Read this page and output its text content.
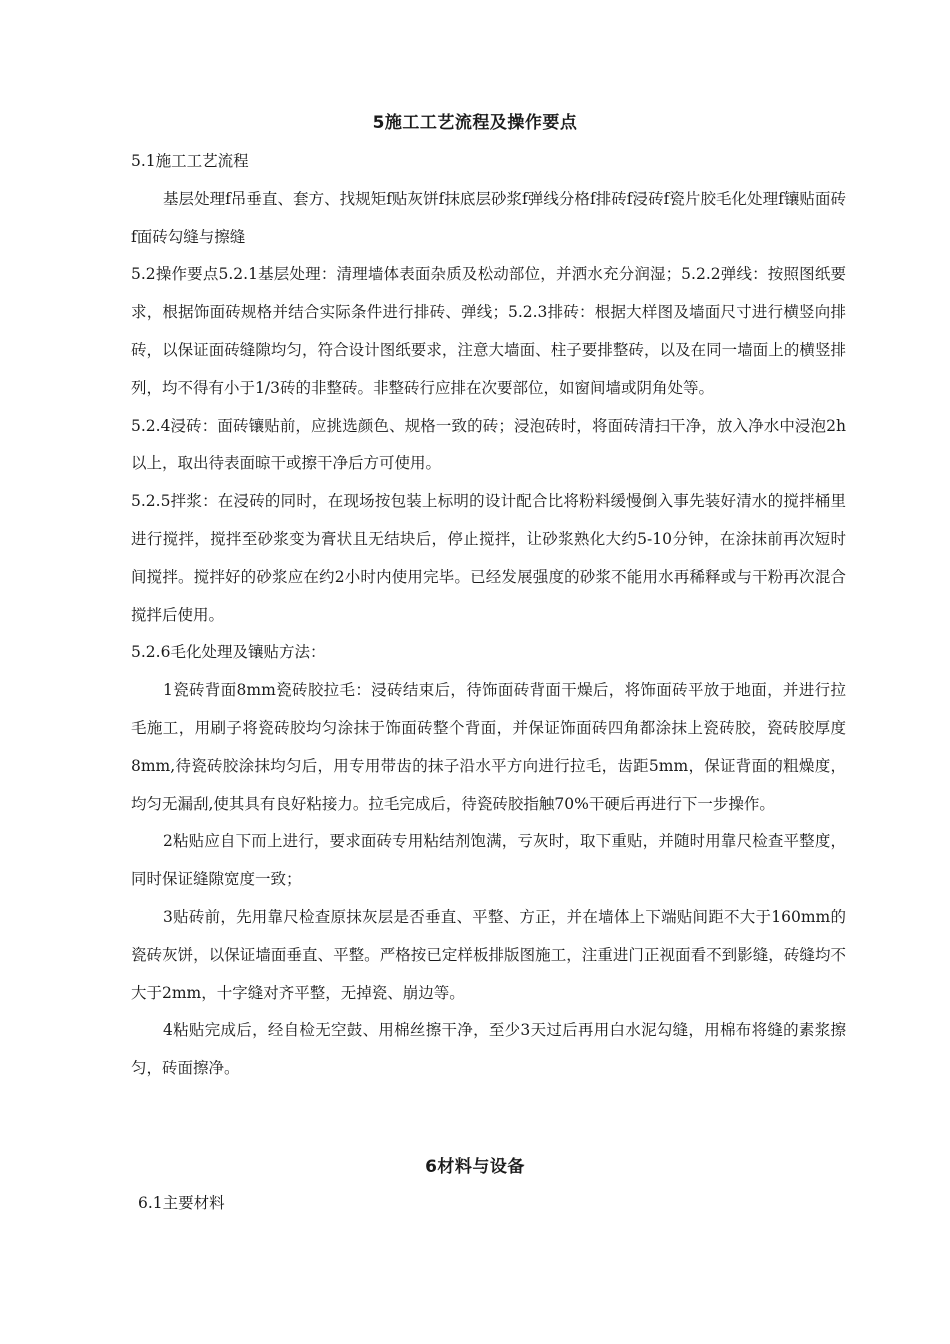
5施工工艺流程及操作要点

5.1施工工艺流程

基层处理f吊垂直、套方、找规矩f贴灰饼f抹底层砂浆f弹线分格f排砖f浸砖f瓷片胶毛化处理f镶贴面砖f面砖勾缝与擦缝

5.2操作要点5.2.1基层处理：清理墙体表面杂质及松动部位，并洒水充分润湿；5.2.2弹线：按照图纸要求，根据饰面砖规格并结合实际条件进行排砖、弹线；5.2.3排砖：根据大样图及墙面尺寸进行横竖向排砖，以保证面砖缝隙均匀，符合设计图纸要求，注意大墙面、柱子要排整砖，以及在同一墙面上的横竖排列，均不得有小于1/3砖的非整砖。非整砖行应排在次要部位，如窗间墙或阴角处等。

5.2.4浸砖：面砖镶贴前，应挑选颜色、规格一致的砖；浸泡砖时，将面砖清扫干净，放入净水中浸泡2h以上，取出待表面晾干或擦干净后方可使用。

5.2.5拌浆：在浸砖的同时，在现场按包装上标明的设计配合比将粉料缓慢倒入事先装好清水的搅拌桶里进行搅拌，搅拌至砂浆变为膏状且无结块后，停止搅拌，让砂浆熟化大约5-10分钟，在涂抹前再次短时间搅拌。搅拌好的砂浆应在约2小时内使用完毕。已经发展强度的砂浆不能用水再稀释或与干粉再次混合搅拌后使用。

5.2.6毛化处理及镶贴方法：

1瓷砖背面8mm瓷砖胶拉毛：浸砖结束后，待饰面砖背面干燥后，将饰面砖平放于地面，并进行拉毛施工，用刷子将瓷砖胶均匀涂抹于饰面砖整个背面，并保证饰面砖四角都涂抹上瓷砖胶，瓷砖胶厚度8mm,待瓷砖胶涂抹均匀后，用专用带齿的抹子沿水平方向进行拉毛，齿距5mm，保证背面的粗燥度，均匀无漏刮,使其具有良好粘接力。拉毛完成后，待瓷砖胶指触70%干硬后再进行下一步操作。

2粘贴应自下而上进行，要求面砖专用粘结剂饱满，亏灰时，取下重贴，并随时用靠尺检查平整度，同时保证缝隙宽度一致；

3贴砖前，先用靠尺检查原抹灰层是否垂直、平整、方正，并在墙体上下端贴间距不大于160mm的瓷砖灰饼，以保证墙面垂直、平整。严格按已定样板排版图施工，注重进门正视面看不到影缝，砖缝均不大于2mm，十字缝对齐平整，无掉瓷、崩边等。

4粘贴完成后，经自检无空鼓、用棉丝擦干净，至少3天过后再用白水泥勾缝，用棉布将缝的素浆擦匀，砖面擦净。

6材料与设备

6.1主要材料
